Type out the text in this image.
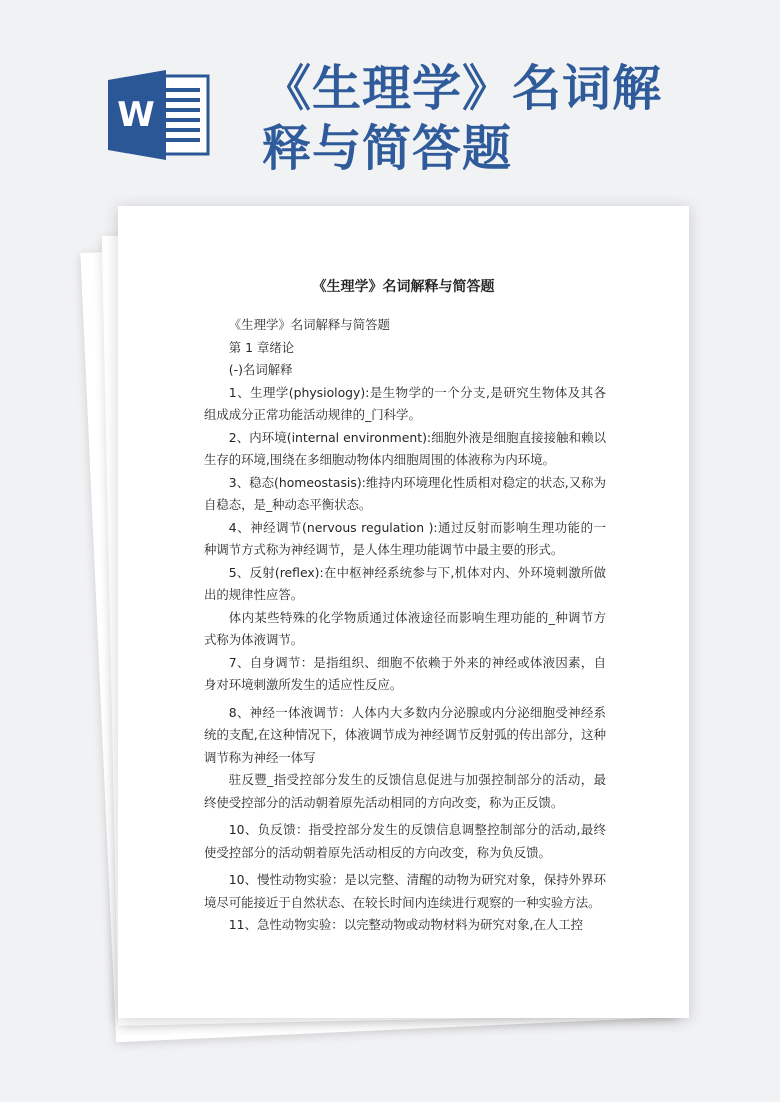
W 《生理学》名词解
释与简答题
《生理学》名词解释与简答题

《生理学》名词解释与简答题

第 1 章绪论

(-)名词解释

1、生理学(physiology):是生物学的一个分支,是研究生物体及其各组成成分正常功能活动规律的_门科学。

2、内环境(internal environment):细胞外液是细胞直接接触和赖以生存的环境,围绕在多细胞动物体内细胞周围的体液称为内环境。

3、稳态(homeostasis):维持内环境理化性质相对稳定的状态,又称为自稳态，是_种动态平衡状态。

4、神经调节(nervous regulation ):通过反射而影响生理功能的一种调节方式称为神经调节，是人体生理功能调节中最主要的形式。

5、反射(reflex):在中枢神经系统参与下,机体对内、外环境刺激所做出的规律性应答。

体内某些特殊的化学物质通过体液途径而影响生理功能的_种调节方式称为体液调节。

7、自身调节：是指组织、细胞不依赖于外来的神经或体液因素，自身对环境刺激所发生的适应性反应。

8、神经一体液调节：人体内大多数内分泌腺或内分泌细胞受神经系统的支配,在这种情况下，体液调节成为神经调节反射弧的传出部分，这种调节称为神经一体写

驻反豐_指受控部分发生的反馈信息促进与加强控制部分的活动，最终使受控部分的活动朝着原先活动相同的方向改变，称为正反馈。

10、负反馈：指受控部分发生的反馈信息调整控制部分的活动,最终使受控部分的活动朝着原先活动相反的方向改变，称为负反馈。

10、慢性动物实验：是以完整、清醒的动物为研究对象，保持外界环境尽可能接近于自然状态、在较长时间内连续进行观察的一种实验方法。

11、急性动物实验：以完整动物或动物材料为研究对象,在人工控
